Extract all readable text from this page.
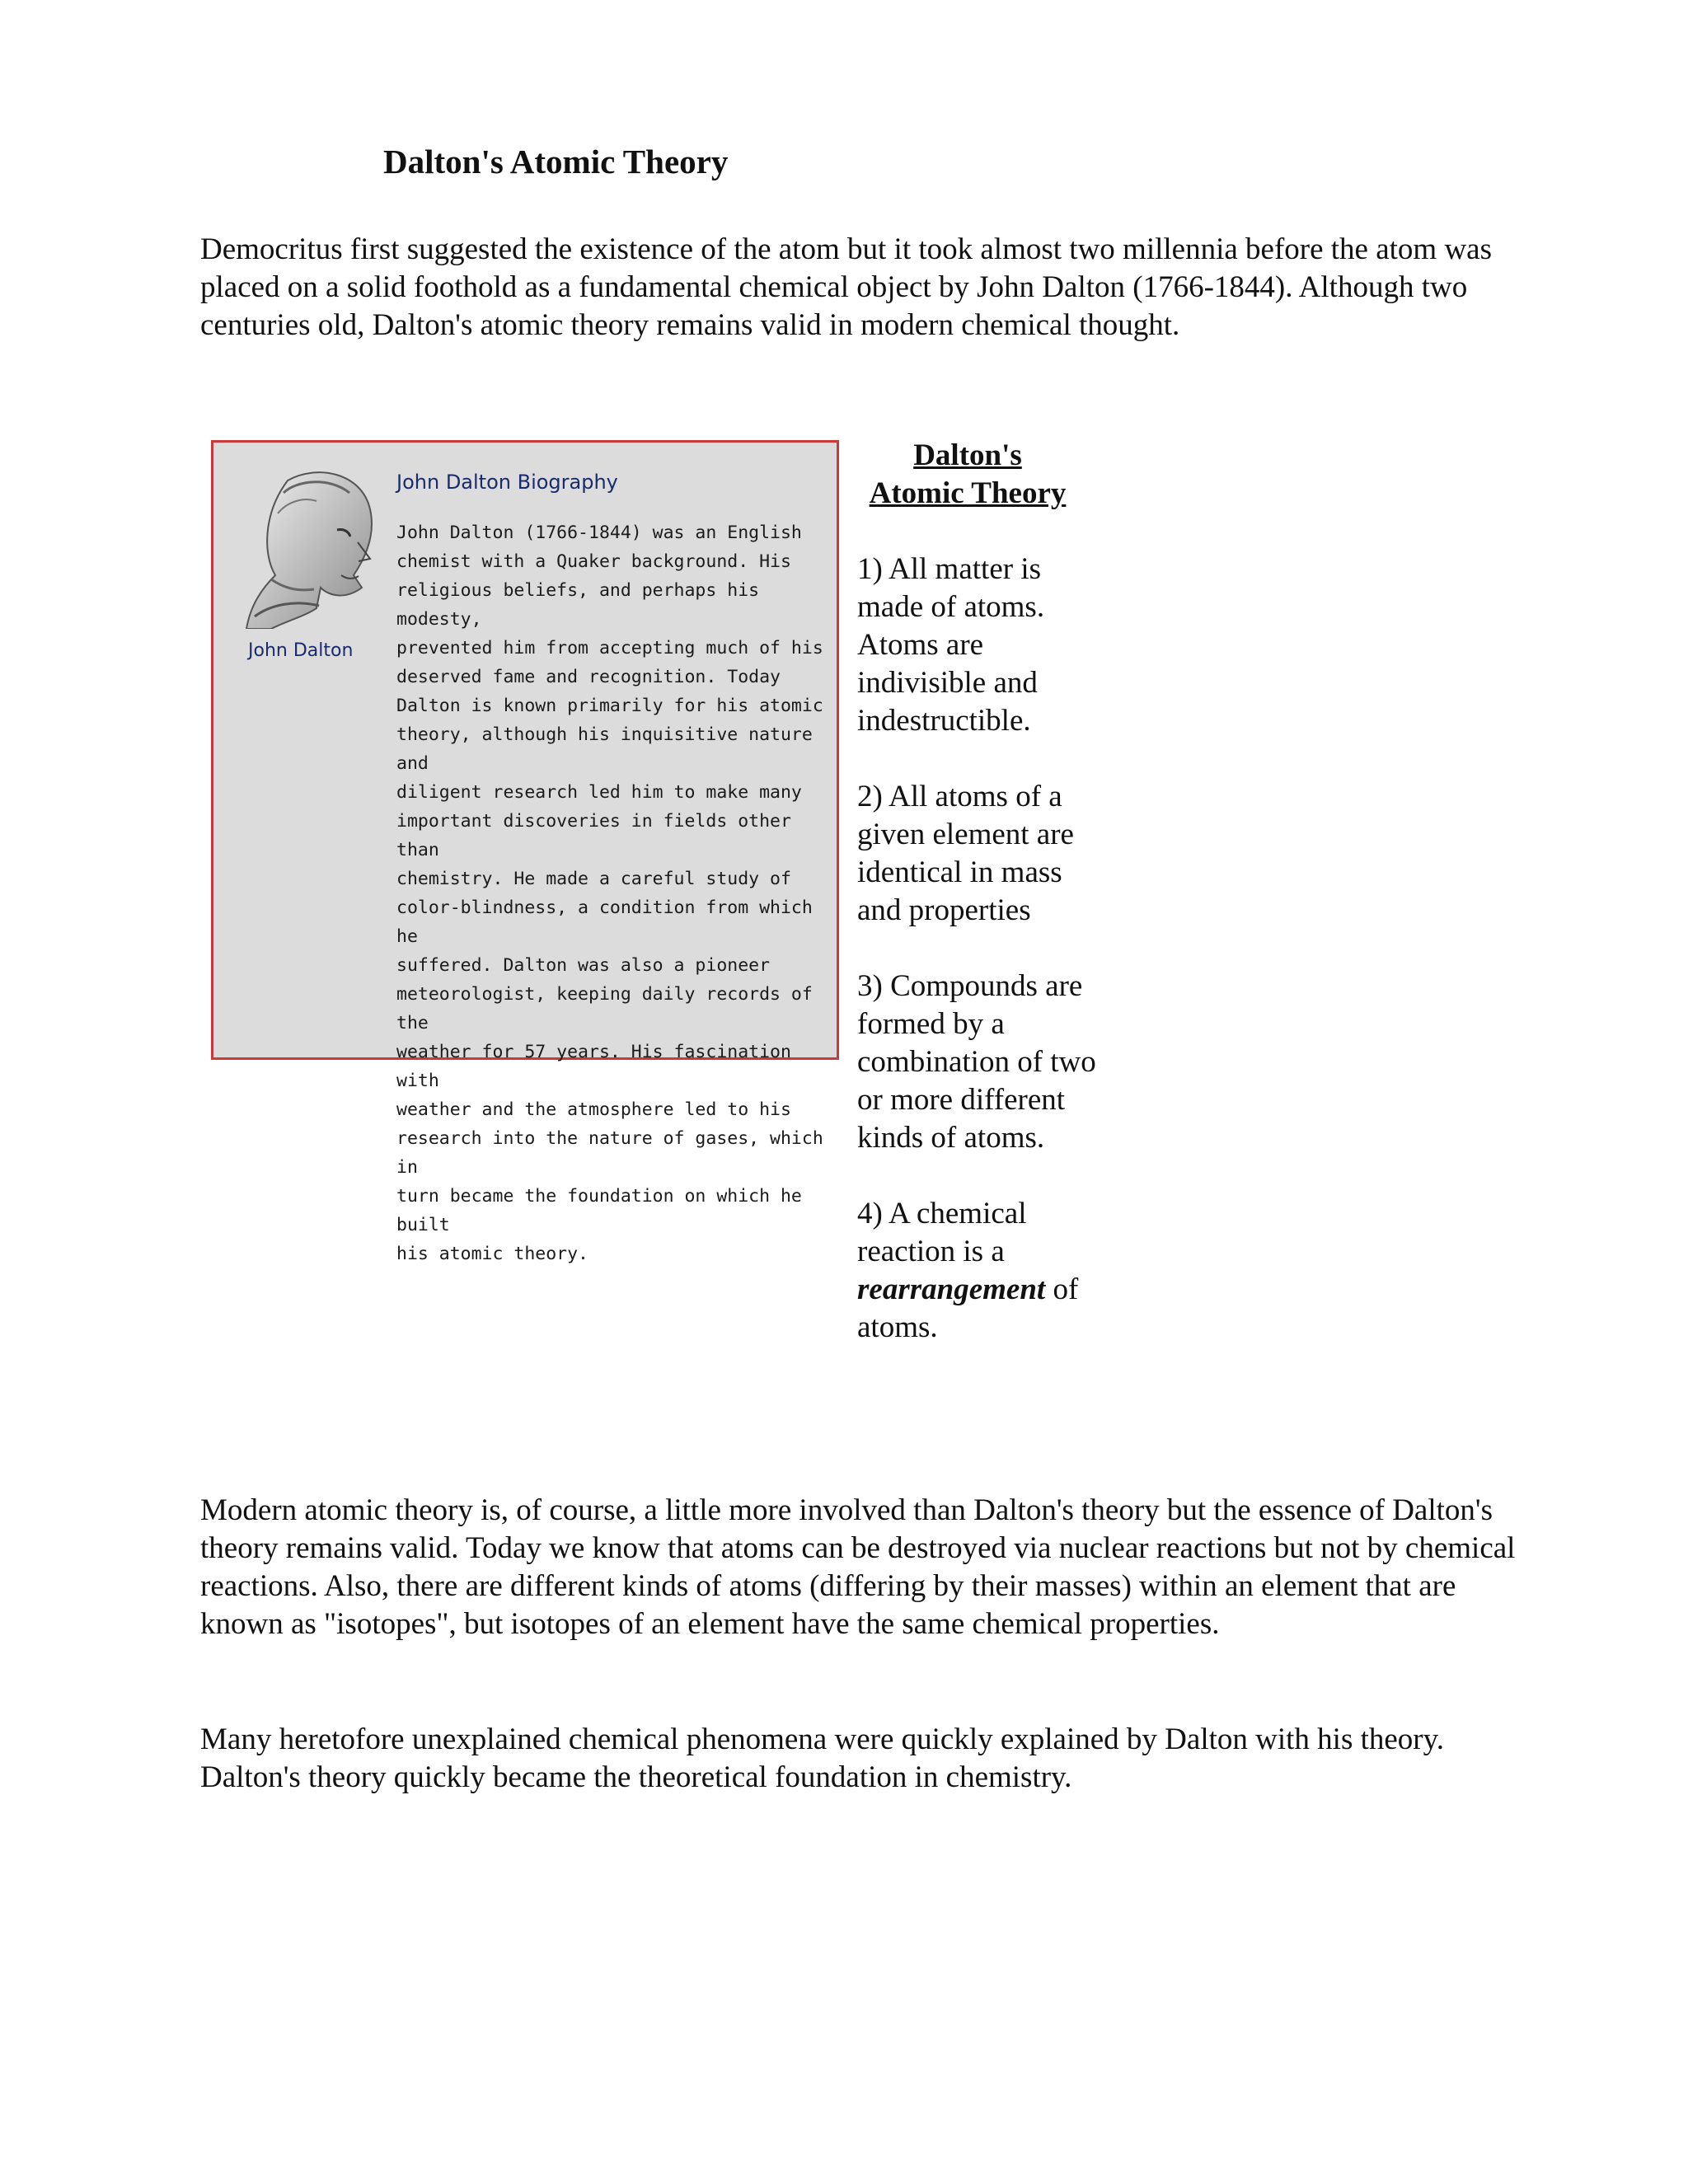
Dalton's Atomic Theory

Democritus first suggested the existence of the atom but it took almost two millennia before the atom was placed on a solid foothold as a fundamental chemical object by John Dalton (1766-1844). Although two centuries old, Dalton's atomic theory remains valid in modern chemical thought.

John Dalton
John Dalton Biography

John Dalton (1766-1844) was an English
chemist with a Quaker background. His
religious beliefs, and perhaps his modesty,
prevented him from accepting much of his
deserved fame and recognition. Today
Dalton is known primarily for his atomic
theory, although his inquisitive nature and
diligent research led him to make many
important discoveries in fields other than
chemistry. He made a careful study of
color-blindness, a condition from which he
suffered. Dalton was also a pioneer
meteorologist, keeping daily records of the
weather for 57 years. His fascination with
weather and the atmosphere led to his
research into the nature of gases, which in
turn became the foundation on which he built
his atomic theory.

Dalton's
Atomic Theory

1) All matter is made of atoms. Atoms are indivisible and indestructible.

2) All atoms of a given element are identical in mass and properties

3) Compounds are formed by a combination of two or more different kinds of atoms.

4) A chemical reaction is a rearrangement of atoms.

Modern atomic theory is, of course, a little more involved than Dalton's theory but the essence of Dalton's theory remains valid. Today we know that atoms can be destroyed via nuclear reactions but not by chemical reactions. Also, there are different kinds of atoms (differing by their masses) within an element that are known as "isotopes", but isotopes of an element have the same chemical properties.

Many heretofore unexplained chemical phenomena were quickly explained by Dalton with his theory. Dalton's theory quickly became the theoretical foundation in chemistry.
